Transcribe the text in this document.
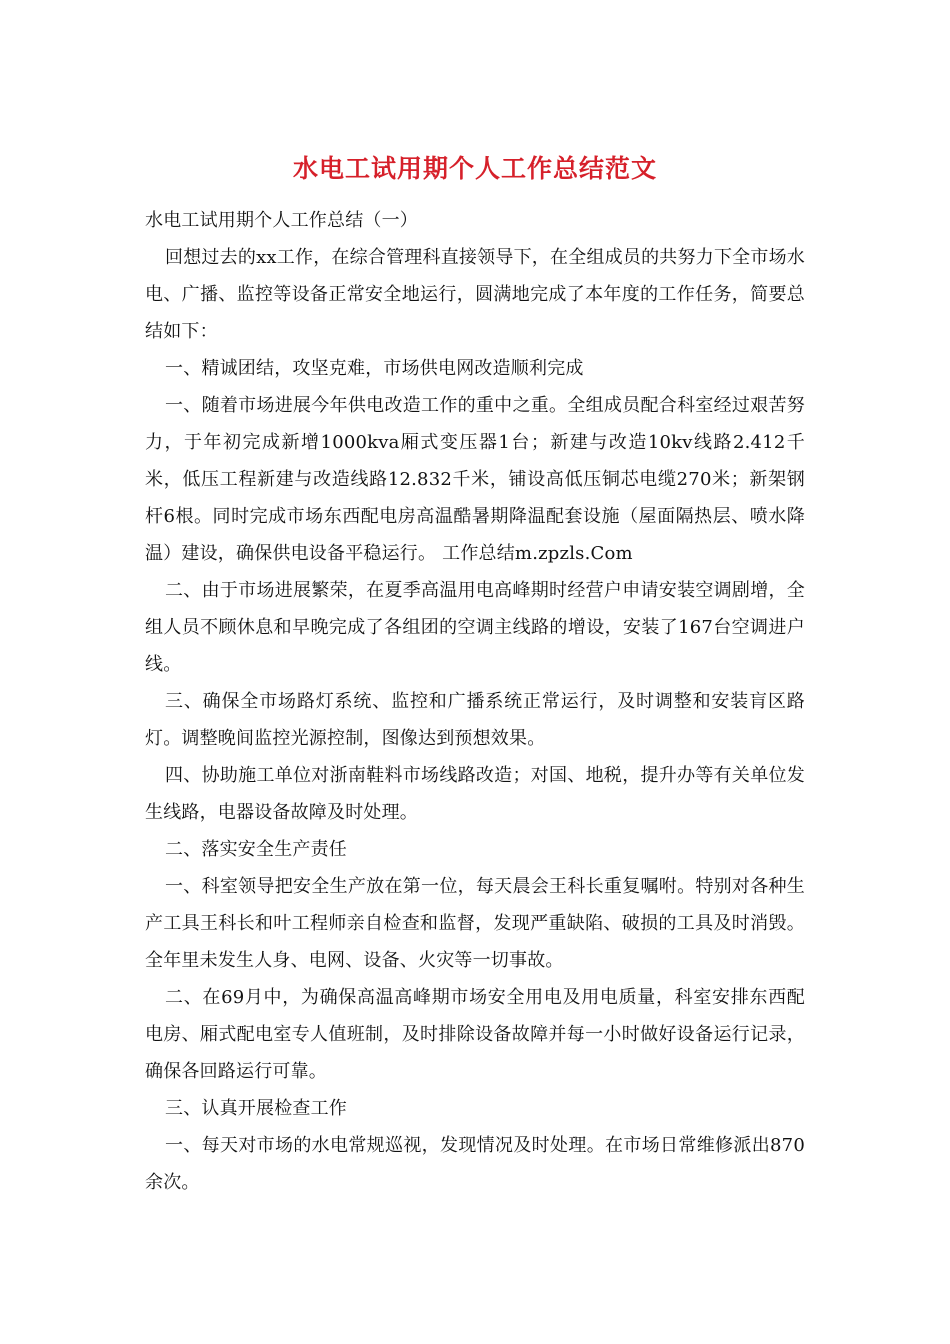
水电工试用期个人工作总结范文

水电工试用期个人工作总结（一）

回想过去的xx工作，在综合管理科直接领导下，在全组成员的共努力下全市场水电、广播、监控等设备正常安全地运行，圆满地完成了本年度的工作任务，简要总结如下：

一、精诚团结，攻坚克难，市场供电网改造顺利完成

一、随着市场进展今年供电改造工作的重中之重。全组成员配合科室经过艰苦努力，于年初完成新增1000kva厢式变压器1台；新建与改造10kv线路2.412千米，低压工程新建与改造线路12.832千米，铺设高低压铜芯电缆270米；新架钢杆6根。同时完成市场东西配电房高温酷暑期降温配套设施（屋面隔热层、喷水降温）建设，确保供电设备平稳运行。 工作总结m.zpzls.Com

二、由于市场进展繁荣，在夏季高温用电高峰期时经营户申请安装空调剧增，全组人员不顾休息和早晚完成了各组团的空调主线路的增设，安装了167台空调进户线。

三、确保全市场路灯系统、监控和广播系统正常运行，及时调整和安装肓区路灯。调整晚间监控光源控制，图像达到预想效果。

四、协助施工单位对浙南鞋料市场线路改造；对国、地税，提升办等有关单位发生线路，电器设备故障及时处理。

二、落实安全生产责任

一、科室领导把安全生产放在第一位，每天晨会王科长重复嘱咐。特别对各种生产工具王科长和叶工程师亲自检查和监督，发现严重缺陷、破损的工具及时消毁。全年里未发生人身、电网、设备、火灾等一切事故。

二、在69月中，为确保高温高峰期市场安全用电及用电质量，科室安排东西配电房、厢式配电室专人值班制，及时排除设备故障并每一小时做好设备运行记录，确保各回路运行可靠。

三、认真开展检查工作

一、每天对市场的水电常规巡视，发现情况及时处理。在市场日常维修派出870余次。
